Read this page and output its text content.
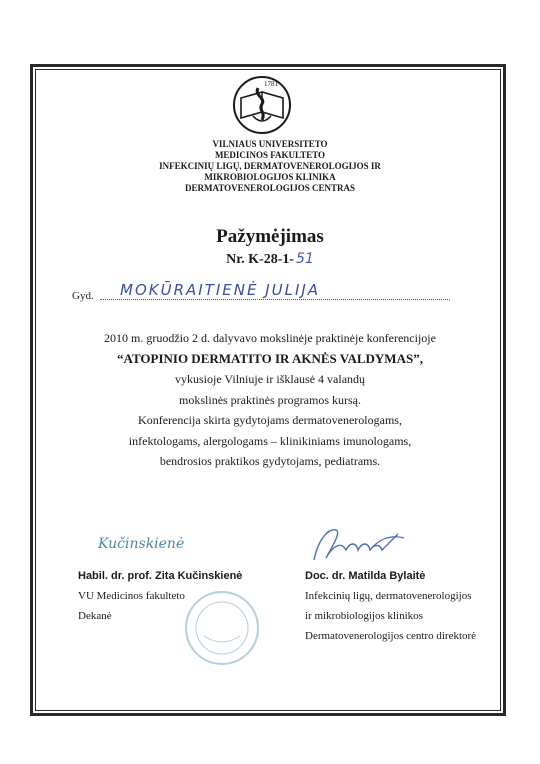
1781
VILNIAUS UNIVERSITETO
MEDICINOS FAKULTETO
INFEKCINIŲ LIGŲ, DERMATOVENEROLOGIJOS IR
MIKROBIOLOGIJOS KLINIKA
DERMATOVENEROLOGIJOS CENTRAS
Pažymėjimas
Nr. K-28-1- 51
Gyd. MOKŪRAITIENĖ JULIJA
2010 m. gruodžio 2 d. dalyvavo mokslinėje praktinėje konferencijoje
“ATOPINIO DERMATITO IR AKNĖS VALDYMAS”,
vykusioje Vilniuje ir išklausė 4 valandų
mokslinės praktinės programos kursą.
Konferencija skirta gydytojams dermatovenerologams,
infektologams, alergologams – klinikiniams imunologams,
bendrosios praktikos gydytojams, pediatrams.
Kučinskienė
Habil. dr. prof. Zita Kučinskienė
VU Medicinos fakulteto
Dekanė
Doc. dr. Matilda Bylaitė
Infekcinių ligų, dermatovenerologijos
ir mikrobiologijos klinikos
Dermatovenerologijos centro direktorė
